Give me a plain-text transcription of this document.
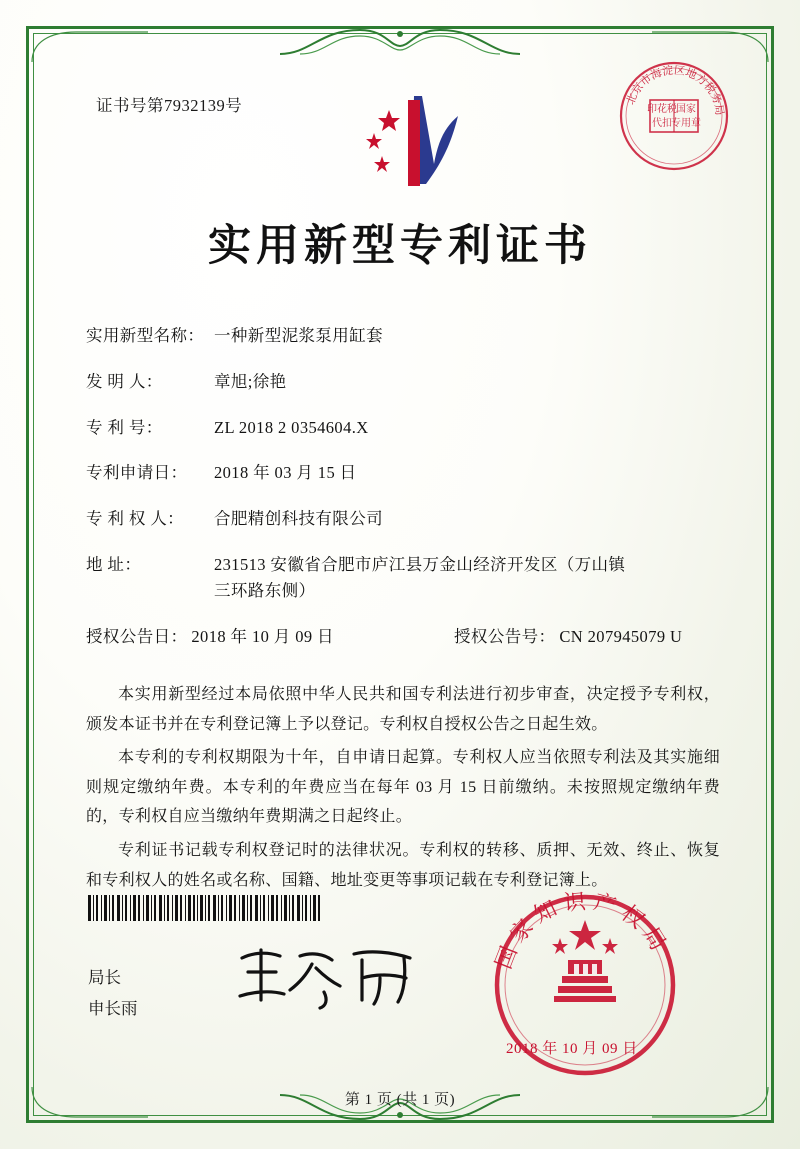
证书号第7932139号	印花税 国家
代扣 专用章
北京市海淀区地方税务局
实用新型专利证书
实用新型名称： 一种新型泥浆泵用缸套
发 明 人：	章旭;徐艳
专 利 号：	ZL 2018 2 0354604.X
专利申请日：	2018 年 03 月 15 日
专 利 权 人：	合肥精创科技有限公司
地 址：	231513 安徽省合肥市庐江县万金山经济开发区（万山镇
三环路东侧）
授权公告日： 2018 年 10 月 09 日	授权公告号： CN 207945079 U

本实用新型经过本局依照中华人民共和国专利法进行初步审查，决定授予专利权，颁发本证书并在专利登记簿上予以登记。专利权自授权公告之日起生效。

本专利的专利权期限为十年，自申请日起算。专利权人应当依照专利法及其实施细则规定缴纳年费。本专利的年费应当在每年 03 月 15 日前缴纳。未按照规定缴纳年费的，专利权自应当缴纳年费期满之日起终止。

专利证书记载专利权登记时的法律状况。专利权的转移、质押、无效、终止、恢复和专利权人的姓名或名称、国籍、地址变更等事项记载在专利登记簿上。

局长
申长雨
国家知识产权局
2018 年 10 月 09 日
第 1 页 (共 1 页)
